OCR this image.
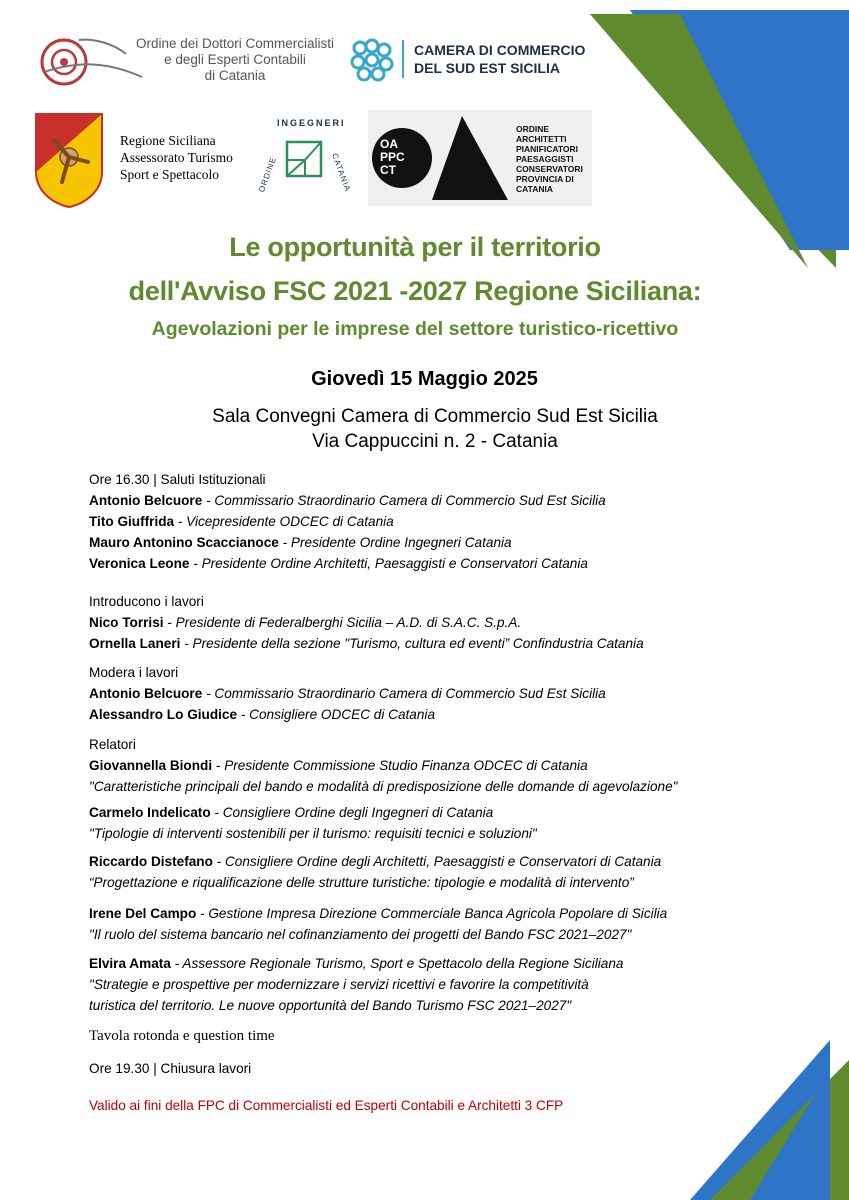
Ordine dei Dottori Commercialisti
e degli Esperti Contabili
di Catania
CAMERA DI COMMERCIO
DEL SUD EST SICILIA
Regione Siciliana
Assessorato Turismo
Sport e Spettacolo
INGEGNERI
ORDINE	CATANIA
OA
PPC
CT
ORDINE
ARCHITETTI
PIANIFICATORI
PAESAGGISTI
CONSERVATORI
PROVINCIA DI
CATANIA
Le opportunità per il territorio
dell'Avviso FSC 2021 -2027 Regione Siciliana:
Agevolazioni per le imprese del settore turistico-ricettivo
Giovedì 15 Maggio 2025
Sala Convegni Camera di Commercio Sud Est Sicilia
Via Cappuccini n. 2 - Catania
Ore 16.30 | Saluti Istituzionali
Antonio Belcuore - Commissario Straordinario Camera di Commercio Sud Est Sicilia
Tito Giuffrida - Vicepresidente ODCEC di Catania
Mauro Antonino Scaccianoce - Presidente Ordine Ingegneri Catania
Veronica Leone - Presidente Ordine Architetti, Paesaggisti e Conservatori Catania
Introducono i lavori
Nico Torrisi - Presidente di Federalberghi Sicilia – A.D. di S.A.C. S.p.A.
Ornella Laneri - Presidente della sezione "Turismo, cultura ed eventi” Confindustria Catania
Modera i lavori
Antonio Belcuore - Commissario Straordinario Camera di Commercio Sud Est Sicilia
Alessandro Lo Giudice - Consigliere ODCEC di Catania
Relatori
Giovannella Biondi - Presidente Commissione Studio Finanza ODCEC di Catania
"Caratteristiche principali del bando e modalità di predisposizione delle domande di agevolazione"
Carmelo Indelicato - Consigliere Ordine degli Ingegneri di Catania
"Tipologie di interventi sostenibili per il turismo: requisiti tecnici e soluzioni"
Riccardo Distefano - Consigliere Ordine degli Architetti, Paesaggisti e Conservatori di Catania
“Progettazione e riqualificazione delle strutture turistiche: tipologie e modalità di intervento”
Irene Del Campo - Gestione Impresa Direzione Commerciale Banca Agricola Popolare di Sicilia
"Il ruolo del sistema bancario nel cofinanziamento dei progetti del Bando FSC 2021–2027"
Elvira Amata - Assessore Regionale Turismo, Sport e Spettacolo della Regione Siciliana
"Strategie e prospettive per modernizzare i servizi ricettivi e favorire la competitività
turistica del territorio. Le nuove opportunità del Bando Turismo FSC 2021–2027"
Tavola rotonda e question time
Ore 19.30 | Chiusura lavori
Valido ai fini della FPC di Commercialisti ed Esperti Contabili e Architetti 3 CFP
